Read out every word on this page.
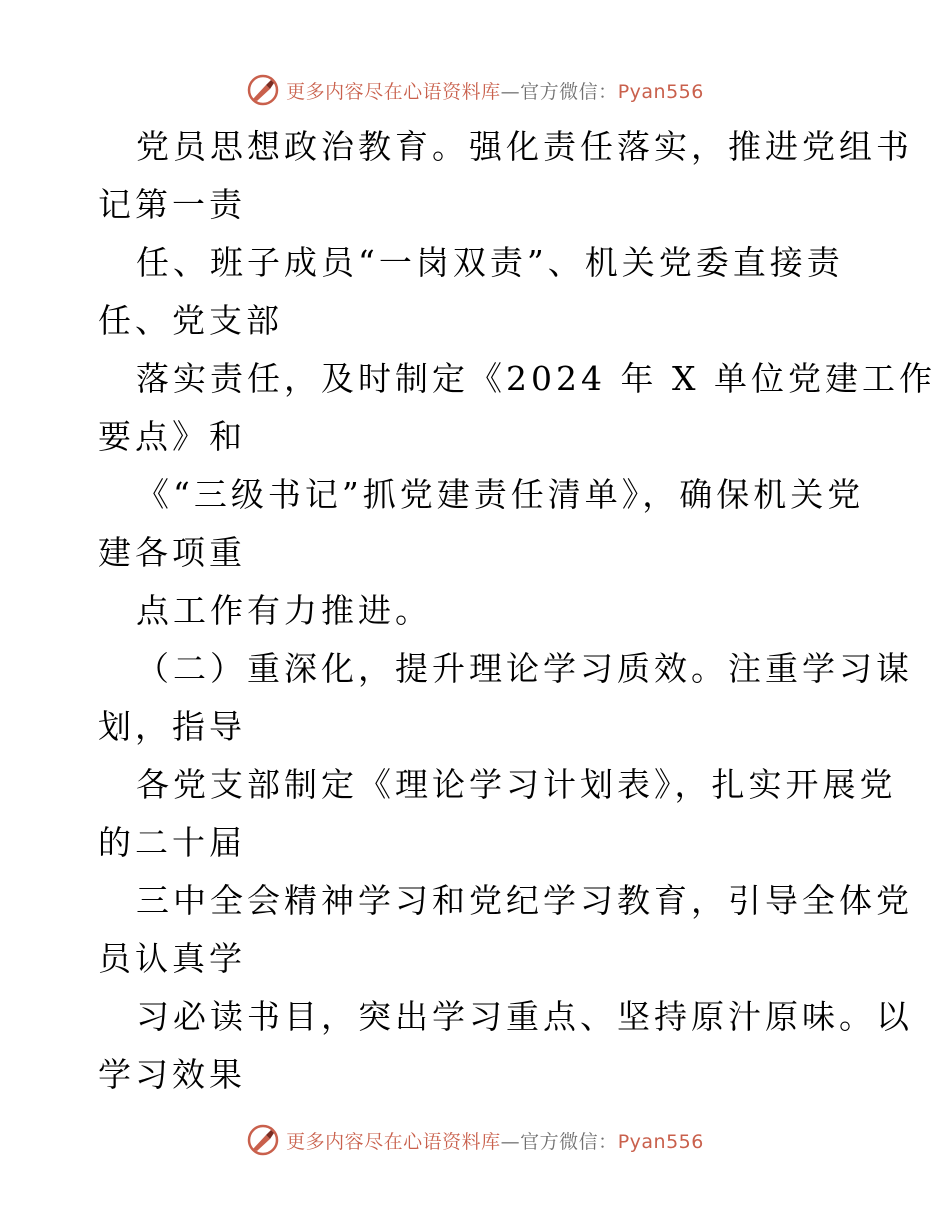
更多内容尽在心语资料库—官方微信：Pyan556
党员思想政治教育。强化责任落实，推进党组书
记第一责
任、班子成员“一岗双责”、机关党委直接责
任、党支部
落实责任，及时制定《2024 年 X 单位党建工作
要点》和
《“三级书记”抓党建责任清单》，确保机关党
建各项重
点工作有力推进。
（二）重深化，提升理论学习质效。注重学习谋
划，指导
各党支部制定《理论学习计划表》，扎实开展党
的二十届
三中全会精神学习和党纪学习教育，引导全体党
员认真学
习必读书目，突出学习重点、坚持原汁原味。以
学习效果
更多内容尽在心语资料库—官方微信：Pyan556
